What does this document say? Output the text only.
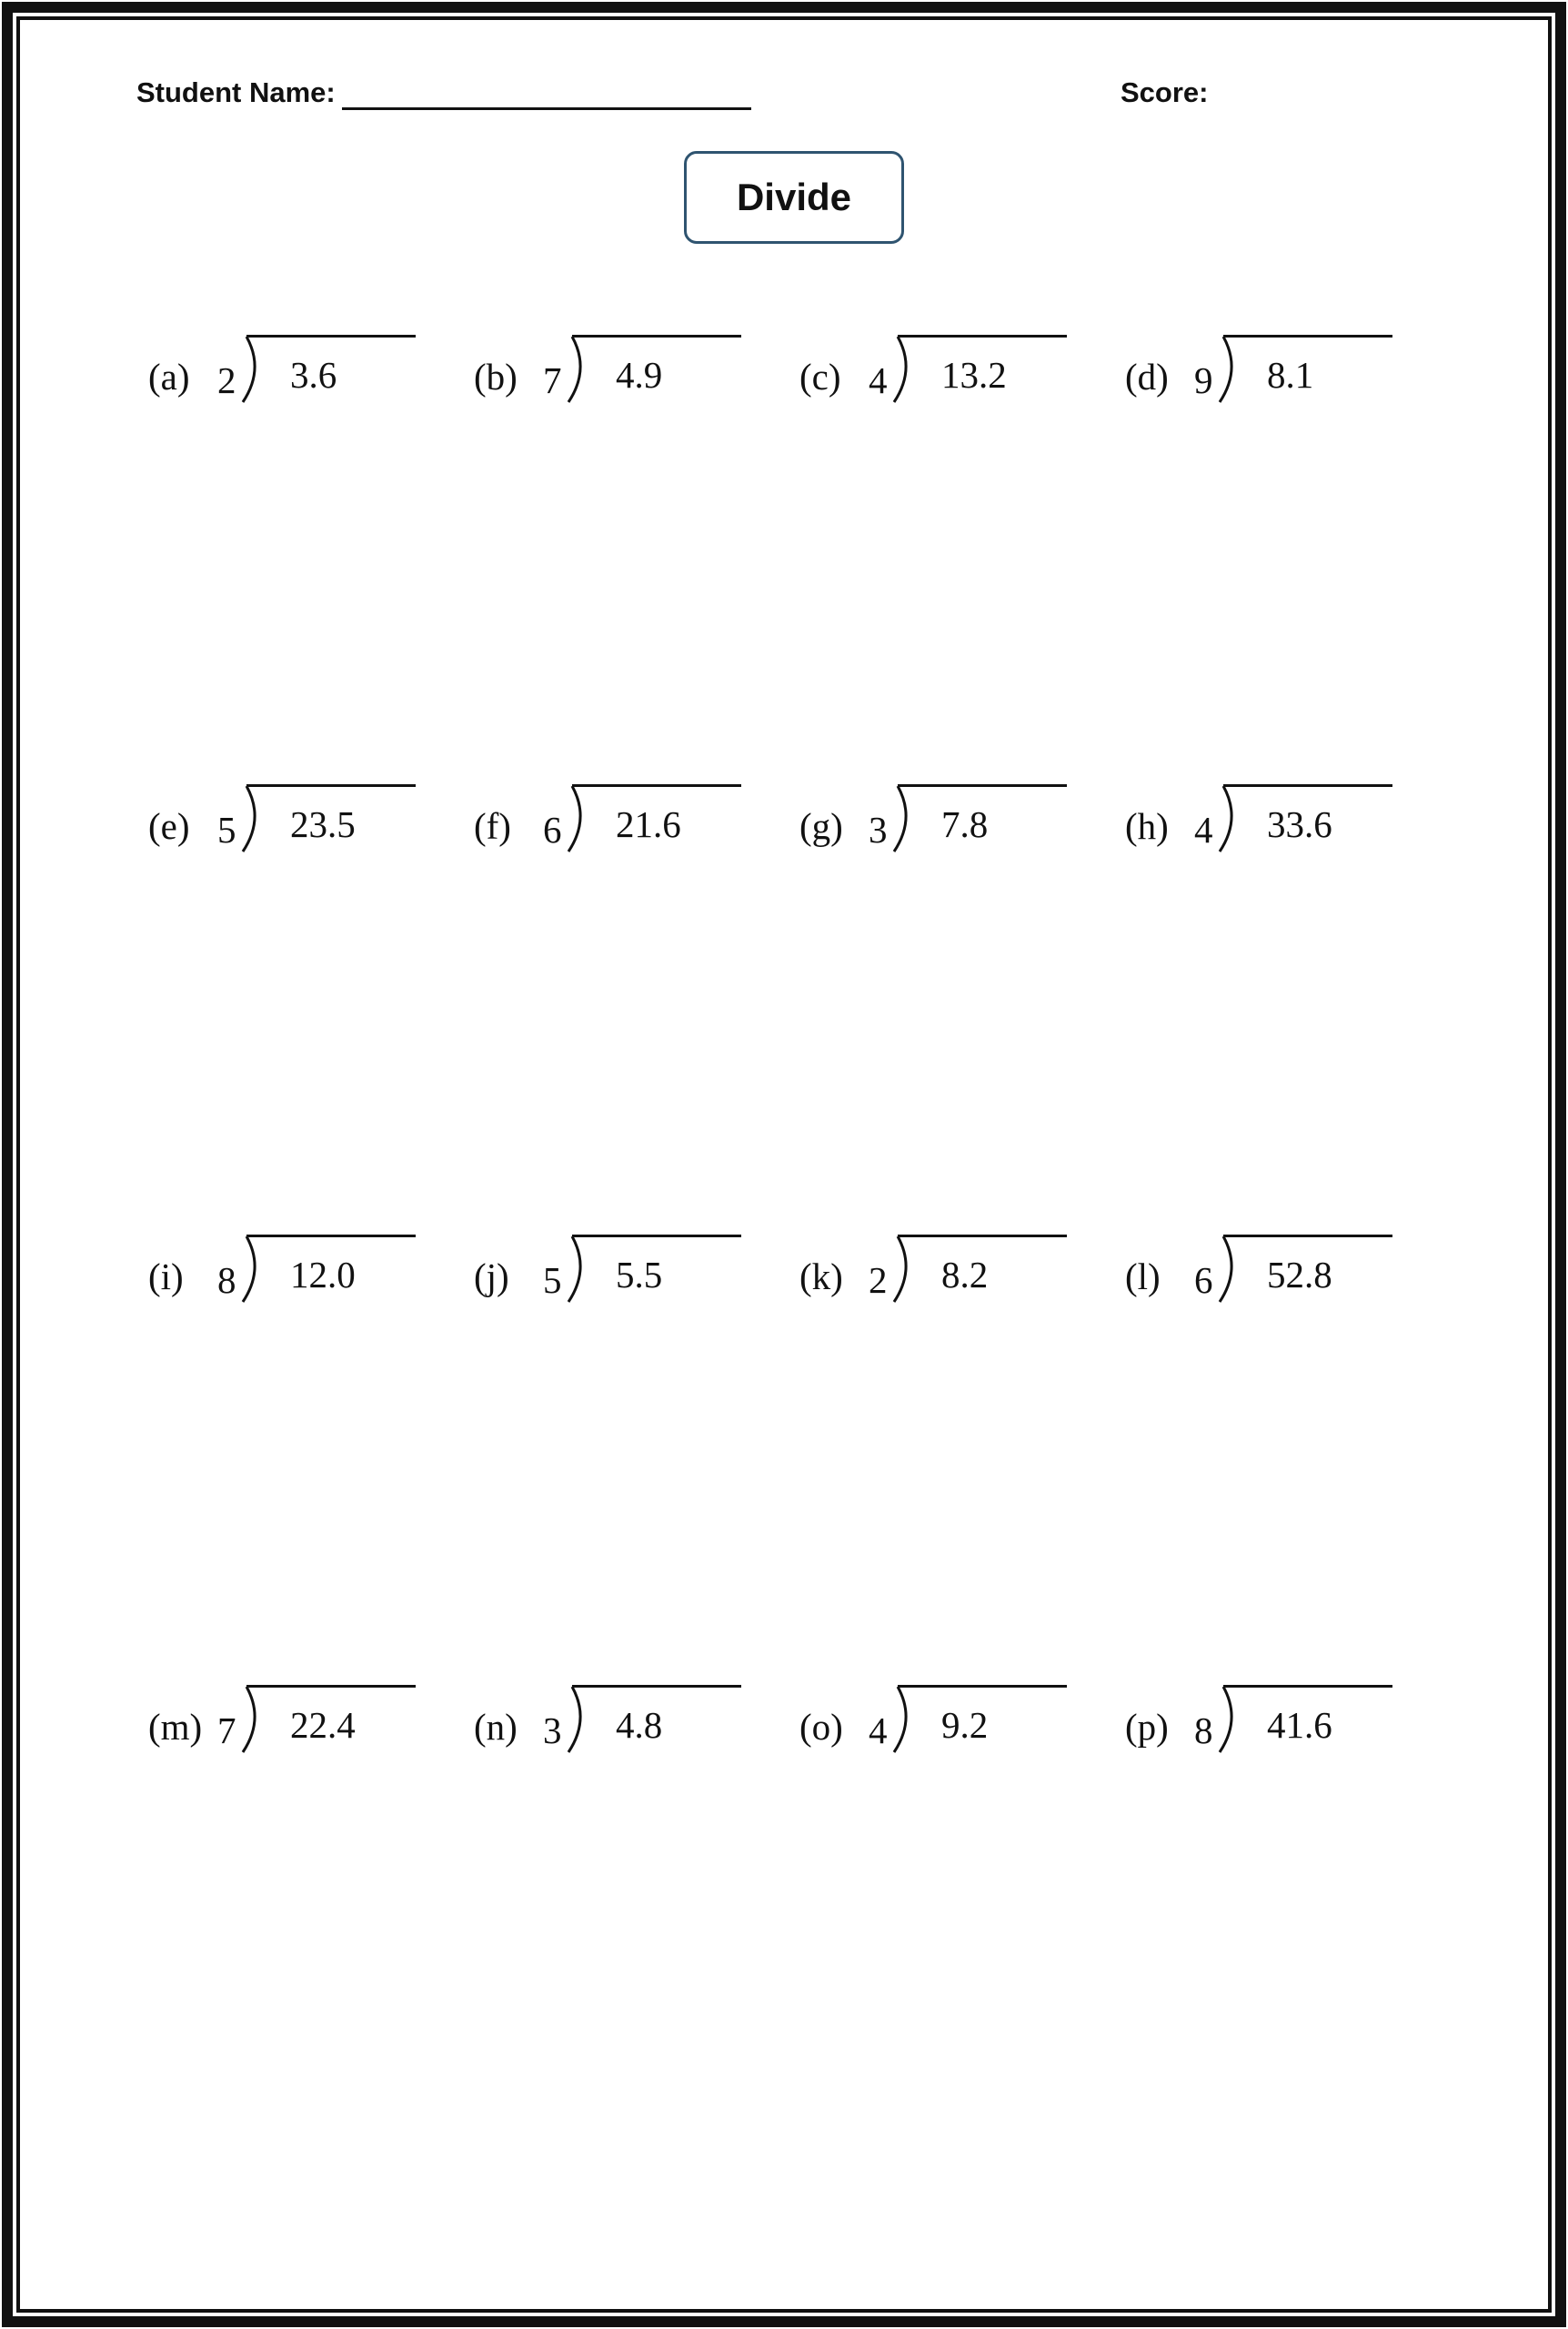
Student Name:	Score:
Divide
(a) 2 3.6	(b) 7 4.9	(c) 4 13.2	(d) 9 8.1
(e) 5 23.5	(f) 6 21.6	(g) 3 7.8	(h) 4 33.6
(i) 8 12.0	(j) 5 5.5	(k) 2 8.2	(l) 6 52.8
(m) 7 22.4	(n) 3 4.8	(o) 4 9.2	(p) 8 41.6
